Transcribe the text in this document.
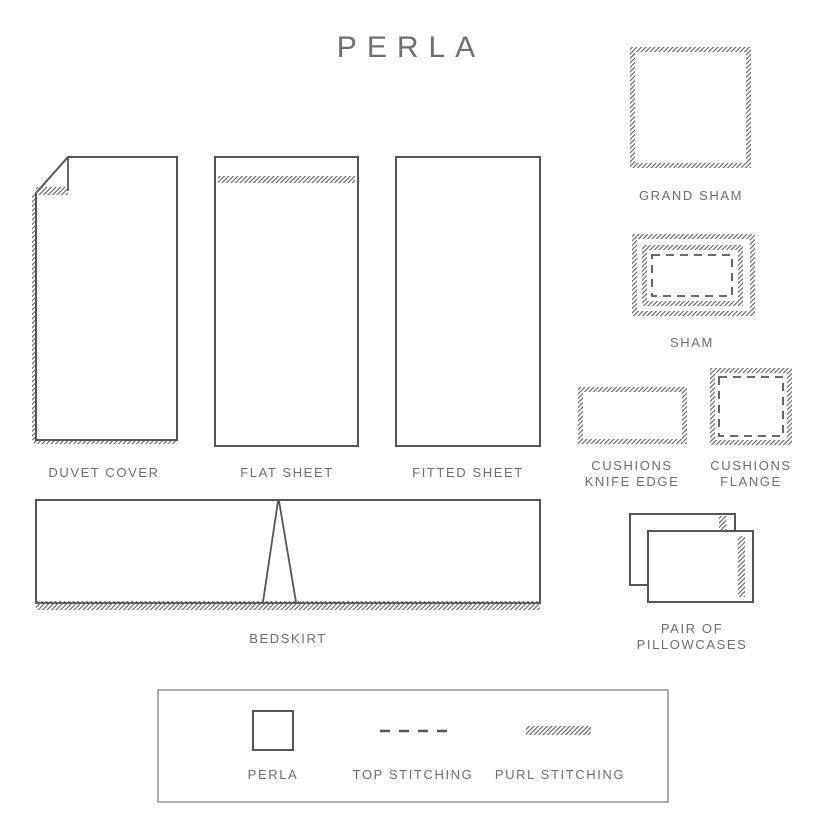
PERLA
DUVET COVER	FLAT SHEET	FITTED SHEET
GRAND SHAM
SHAM
CUSHIONS
KNIFE EDGE
CUSHIONS
FLANGE
BEDSKIRT
PAIR OF
PILLOWCASES
PERLA	TOP STITCHING PURL STITCHING
